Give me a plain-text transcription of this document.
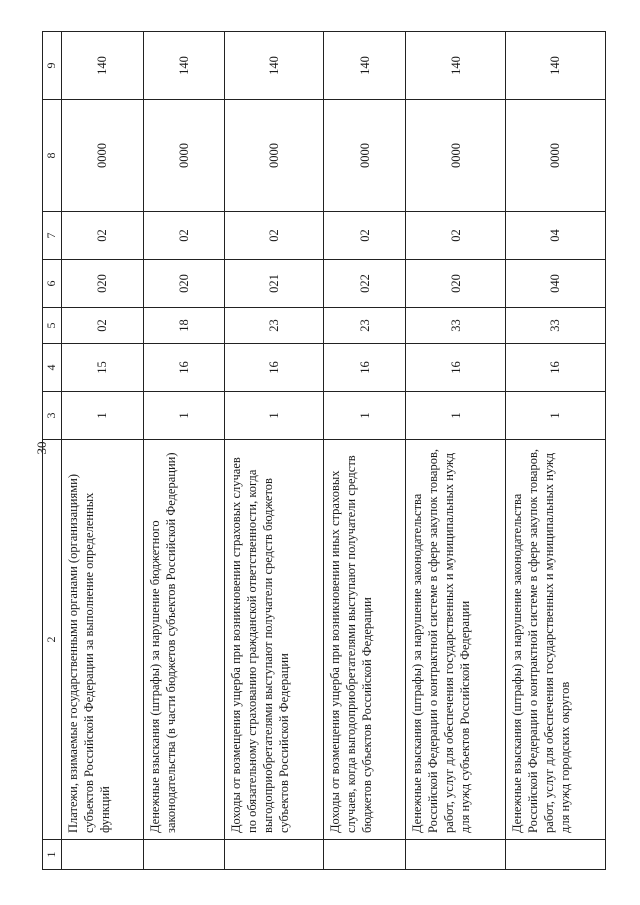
30
1	2	3	4	5	6	7	8	9
	Платежи, взимаемые государственными органами (организациями) субъектов Российской Федерации за выполнение определенных функций	1	15	02	020	02	0000	140
	Денежные взыскания (штрафы) за нарушение бюджетного законодательства (в части бюджетов субъектов Российской Федерации)	1	16	18	020	02	0000	140
	Доходы от возмещения ущерба при возникновении страховых случаев по обязательному страхованию гражданской ответственности, когда выгодоприобретателями выступают получатели средств бюджетов субъектов Российской Федерации	1	16	23	021	02	0000	140
	Доходы от возмещения ущерба при возникновении иных страховых случаев, когда выгодоприобретателями выступают получатели средств бюджетов субъектов Российской Федерации	1	16	23	022	02	0000	140
	Денежные взыскания (штрафы) за нарушение законодательства Российской Федерации о контрактной системе в сфере закупок товаров, работ, услуг для обеспечения государственных и муниципальных нужд для нужд субъектов Российской Федерации	1	16	33	020	02	0000	140
	Денежные взыскания (штрафы) за нарушение законодательства Российской Федерации о контрактной системе в сфере закупок товаров, работ, услуг для обеспечения государственных и муниципальных нужд для нужд городских округов	1	16	33	040	04	0000	140
